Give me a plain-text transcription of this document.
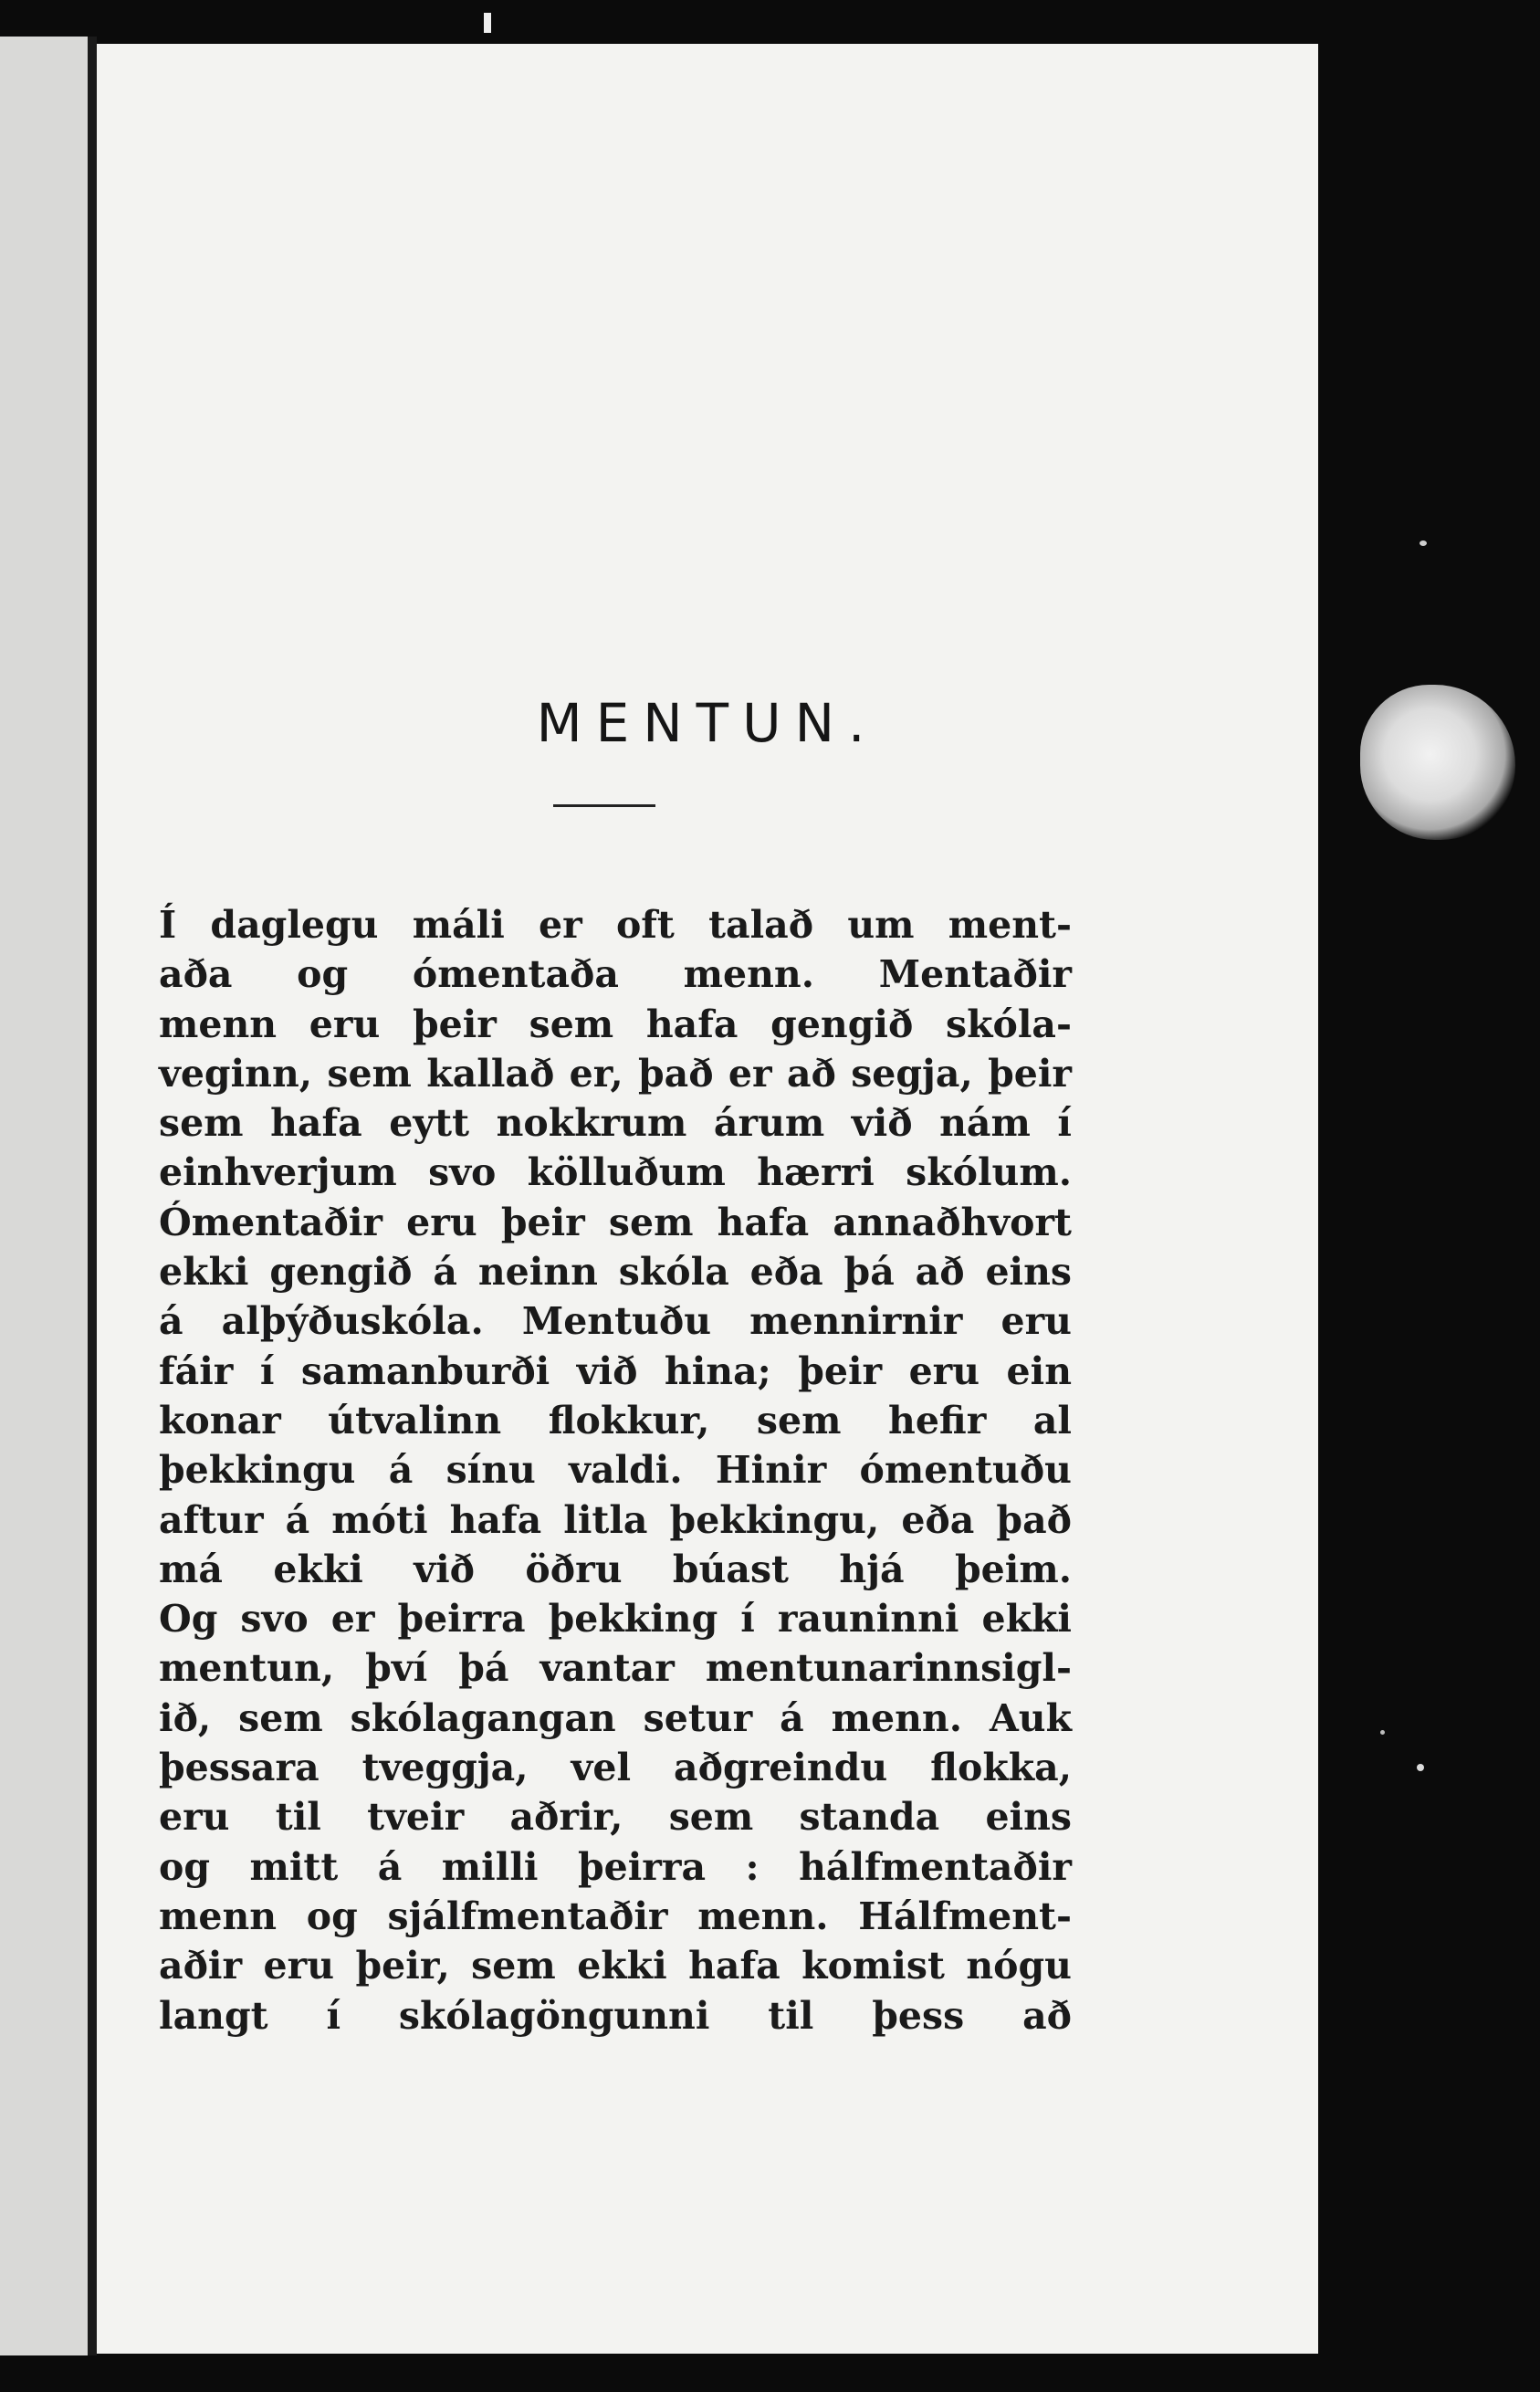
MENTUN.
Í daglegu máli er oft talað um ment-
aða og ómentaða menn. Mentaðir
menn eru þeir sem hafa gengið skóla-
veginn, sem kallað er, það er að segja, þeir
sem hafa eytt nokkrum árum við nám í
einhverjum svo kölluðum hærri skólum.
Ómentaðir eru þeir sem hafa annaðhvort
ekki gengið á neinn skóla eða þá að eins
á alþýðuskóla. Mentuðu mennirnir eru
fáir í samanburði við hina; þeir eru ein
konar útvalinn flokkur, sem hefir al
þekkingu á sínu valdi. Hinir ómentuðu
aftur á móti hafa litla þekkingu, eða það
má ekki við öðru búast hjá þeim.
Og svo er þeirra þekking í rauninni ekki
mentun, því þá vantar mentunarinnsigl-
ið, sem skólagangan setur á menn. Auk
þessara tveggja, vel aðgreindu flokka,
eru til tveir aðrir, sem standa eins
og mitt á milli þeirra : hálfmentaðir
menn og sjálfmentaðir menn. Hálfment-
aðir eru þeir, sem ekki hafa komist nógu
langt í skólagöngunni til þess að
